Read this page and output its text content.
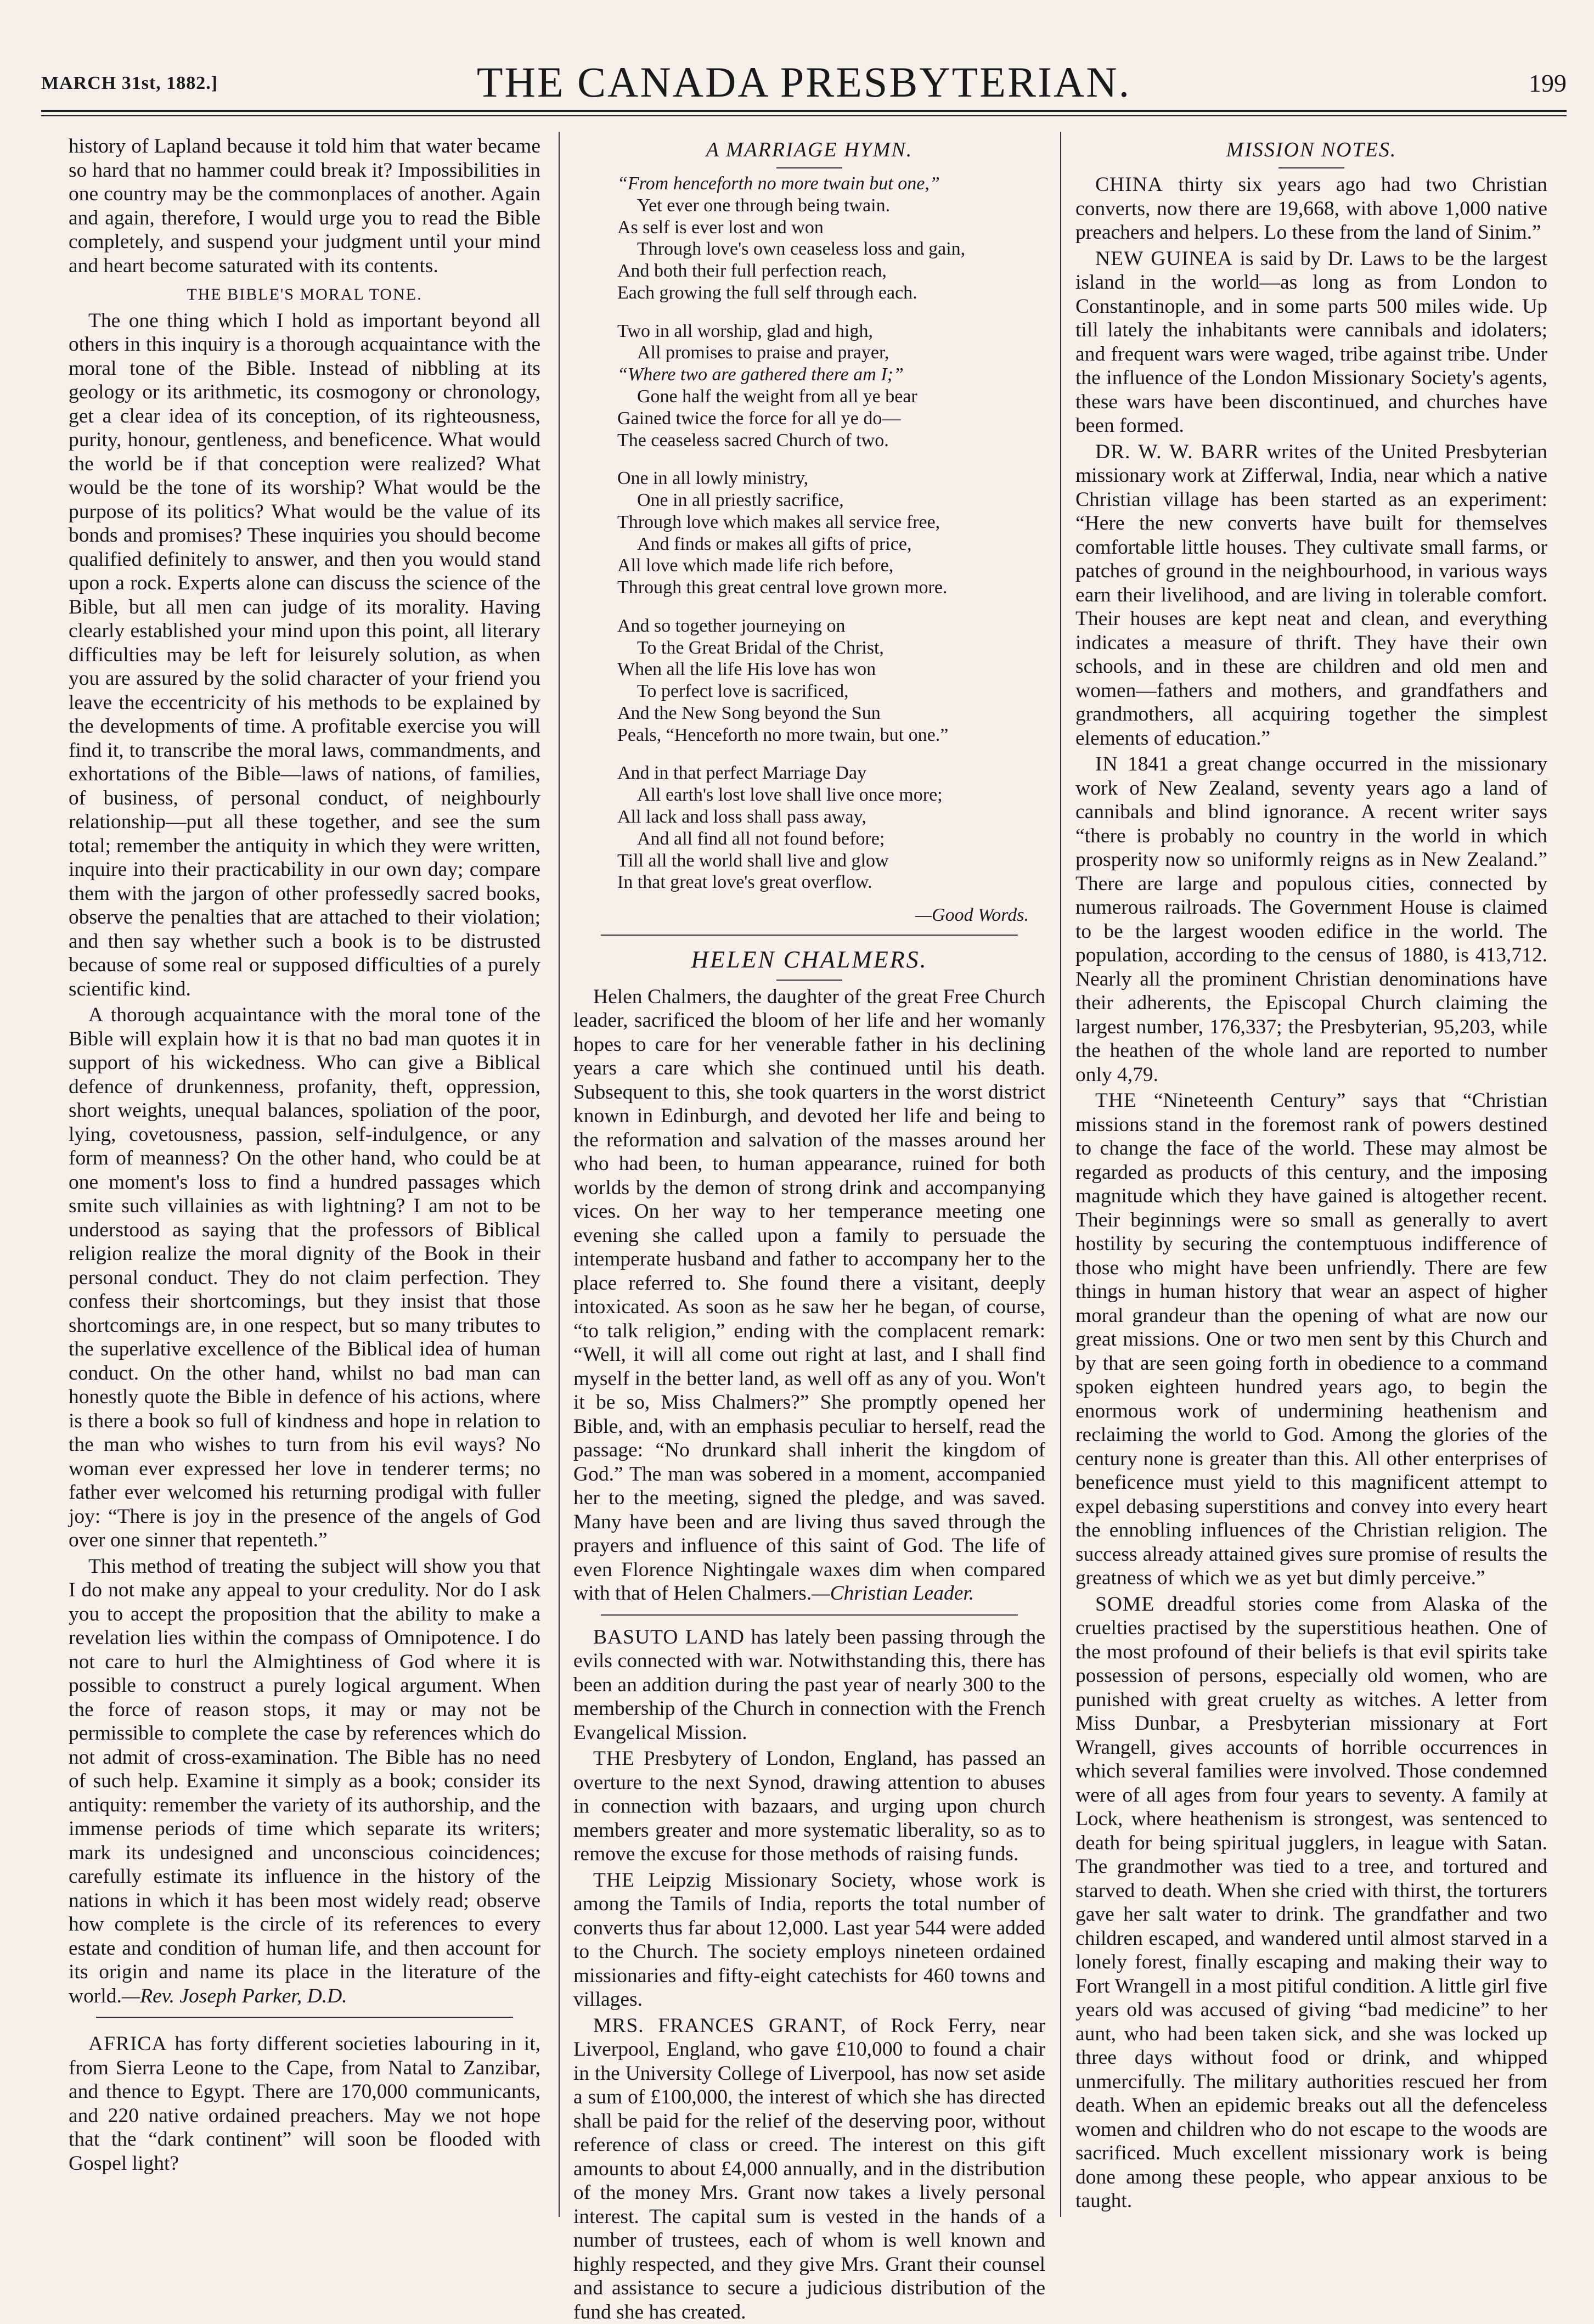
MARCH 31st, 1882.]	THE CANADA PRESBYTERIAN.	199

history of Lapland because it told him that water became so hard that no hammer could break it? Impossibilities in one country may be the commonplaces of another. Again and again, therefore, I would urge you to read the Bible completely, and suspend your judgment until your mind and heart become saturated with its contents.

THE BIBLE'S MORAL TONE.

The one thing which I hold as important beyond all others in this inquiry is a thorough acquaintance with the moral tone of the Bible. Instead of nibbling at its geology or its arithmetic, its cosmogony or chronology, get a clear idea of its conception, of its righteousness, purity, honour, gentleness, and beneficence. What would the world be if that conception were realized? What would be the tone of its worship? What would be the purpose of its politics? What would be the value of its bonds and promises? These inquiries you should become qualified definitely to answer, and then you would stand upon a rock. Experts alone can discuss the science of the Bible, but all men can judge of its morality. Having clearly established your mind upon this point, all literary difficulties may be left for leisurely solution, as when you are assured by the solid character of your friend you leave the eccentricity of his methods to be explained by the developments of time. A profitable exercise you will find it, to transcribe the moral laws, commandments, and exhortations of the Bible—laws of nations, of families, of business, of personal conduct, of neighbourly relationship—put all these together, and see the sum total; remember the antiquity in which they were written, inquire into their practicability in our own day; compare them with the jargon of other professedly sacred books, observe the penalties that are attached to their violation; and then say whether such a book is to be distrusted because of some real or supposed difficulties of a purely scientific kind.

A thorough acquaintance with the moral tone of the Bible will explain how it is that no bad man quotes it in support of his wickedness. Who can give a Biblical defence of drunkenness, profanity, theft, oppression, short weights, unequal balances, spoliation of the poor, lying, covetousness, passion, self-indulgence, or any form of meanness? On the other hand, who could be at one moment's loss to find a hundred passages which smite such villainies as with lightning? I am not to be understood as saying that the professors of Biblical religion realize the moral dignity of the Book in their personal conduct. They do not claim perfection. They confess their shortcomings, but they insist that those shortcomings are, in one respect, but so many tributes to the superlative excellence of the Biblical idea of human conduct. On the other hand, whilst no bad man can honestly quote the Bible in defence of his actions, where is there a book so full of kindness and hope in relation to the man who wishes to turn from his evil ways? No woman ever expressed her love in tenderer terms; no father ever welcomed his returning prodigal with fuller joy: “There is joy in the presence of the angels of God over one sinner that repenteth.”

This method of treating the subject will show you that I do not make any appeal to your credulity. Nor do I ask you to accept the proposition that the ability to make a revelation lies within the compass of Omnipotence. I do not care to hurl the Almightiness of God where it is possible to construct a purely logical argument. When the force of reason stops, it may or may not be permissible to complete the case by references which do not admit of cross-examination. The Bible has no need of such help. Examine it simply as a book; consider its antiquity: remember the variety of its authorship, and the immense periods of time which separate its writers; mark its undesigned and unconscious coincidences; carefully estimate its influence in the history of the nations in which it has been most widely read; observe how complete is the circle of its references to every estate and condition of human life, and then account for its origin and name its place in the literature of the world.—Rev. Joseph Parker, D.D.

AFRICA has forty different societies labouring in it, from Sierra Leone to the Cape, from Natal to Zanzibar, and thence to Egypt. There are 170,000 communicants, and 220 native ordained preachers. May we not hope that the “dark continent” will soon be flooded with Gospel light?

A MARRIAGE HYMN.
“From henceforth no more twain but one,”
Yet ever one through being twain.
As self is ever lost and won
Through love's own ceaseless loss and gain,
And both their full perfection reach,
Each growing the full self through each.
Two in all worship, glad and high,
All promises to praise and prayer,
“Where two are gathered there am I;”
Gone half the weight from all ye bear
Gained twice the force for all ye do—
The ceaseless sacred Church of two.
One in all lowly ministry,
One in all priestly sacrifice,
Through love which makes all service free,
And finds or makes all gifts of price,
All love which made life rich before,
Through this great central love grown more.
And so together journeying on
To the Great Bridal of the Christ,
When all the life His love has won
To perfect love is sacrificed,
And the New Song beyond the Sun
Peals, “Henceforth no more twain, but one.”
And in that perfect Marriage Day
All earth's lost love shall live once more;
All lack and loss shall pass away,
And all find all not found before;
Till all the world shall live and glow
In that great love's great overflow.
—Good Words.
HELEN CHALMERS.

Helen Chalmers, the daughter of the great Free Church leader, sacrificed the bloom of her life and her womanly hopes to care for her venerable father in his declining years a care which she continued until his death. Subsequent to this, she took quarters in the worst district known in Edinburgh, and devoted her life and being to the reformation and salvation of the masses around her who had been, to human appearance, ruined for both worlds by the demon of strong drink and accompanying vices. On her way to her temperance meeting one evening she called upon a family to persuade the intemperate husband and father to accompany her to the place referred to. She found there a visitant, deeply intoxicated. As soon as he saw her he began, of course, “to talk religion,” ending with the complacent remark: “Well, it will all come out right at last, and I shall find myself in the better land, as well off as any of you. Won't it be so, Miss Chalmers?” She promptly opened her Bible, and, with an emphasis peculiar to herself, read the passage: “No drunkard shall inherit the kingdom of God.” The man was sobered in a moment, accompanied her to the meeting, signed the pledge, and was saved. Many have been and are living thus saved through the prayers and influence of this saint of God. The life of even Florence Nightingale waxes dim when compared with that of Helen Chalmers.—Christian Leader.

BASUTO LAND has lately been passing through the evils connected with war. Notwithstanding this, there has been an addition during the past year of nearly 300 to the membership of the Church in connection with the French Evangelical Mission.

THE Presbytery of London, England, has passed an overture to the next Synod, drawing attention to abuses in connection with bazaars, and urging upon church members greater and more systematic liberality, so as to remove the excuse for those methods of raising funds.

THE Leipzig Missionary Society, whose work is among the Tamils of India, reports the total number of converts thus far about 12,000. Last year 544 were added to the Church. The society employs nineteen ordained missionaries and fifty-eight catechists for 460 towns and villages.

MRS. FRANCES GRANT, of Rock Ferry, near Liverpool, England, who gave £10,000 to found a chair in the University College of Liverpool, has now set aside a sum of £100,000, the interest of which she has directed shall be paid for the relief of the deserving poor, without reference of class or creed. The interest on this gift amounts to about £4,000 annually, and in the distribution of the money Mrs. Grant now takes a lively personal interest. The capital sum is vested in the hands of a number of trustees, each of whom is well known and highly respected, and they give Mrs. Grant their counsel and assistance to secure a judicious distribution of the fund she has created.

MISSION NOTES.

CHINA thirty six years ago had two Christian converts, now there are 19,668, with above 1,000 native preachers and helpers. Lo these from the land of Sinim.”

NEW GUINEA is said by Dr. Laws to be the largest island in the world—as long as from London to Constantinople, and in some parts 500 miles wide. Up till lately the inhabitants were cannibals and idolaters; and frequent wars were waged, tribe against tribe. Under the influence of the London Missionary Society's agents, these wars have been discontinued, and churches have been formed.

DR. W. W. BARR writes of the United Presbyterian missionary work at Zifferwal, India, near which a native Christian village has been started as an experiment: “Here the new converts have built for themselves comfortable little houses. They cultivate small farms, or patches of ground in the neighbourhood, in various ways earn their livelihood, and are living in tolerable comfort. Their houses are kept neat and clean, and everything indicates a measure of thrift. They have their own schools, and in these are children and old men and women—fathers and mothers, and grandfathers and grandmothers, all acquiring together the simplest elements of education.”

IN 1841 a great change occurred in the missionary work of New Zealand, seventy years ago a land of cannibals and blind ignorance. A recent writer says “there is probably no country in the world in which prosperity now so uniformly reigns as in New Zealand.” There are large and populous cities, connected by numerous railroads. The Government House is claimed to be the largest wooden edifice in the world. The population, according to the census of 1880, is 413,712. Nearly all the prominent Christian denominations have their adherents, the Episcopal Church claiming the largest number, 176,337; the Presbyterian, 95,203, while the heathen of the whole land are reported to number only 4,79.

THE “Nineteenth Century” says that “Christian missions stand in the foremost rank of powers destined to change the face of the world. These may almost be regarded as products of this century, and the imposing magnitude which they have gained is altogether recent. Their beginnings were so small as generally to avert hostility by securing the contemptuous indifference of those who might have been unfriendly. There are few things in human history that wear an aspect of higher moral grandeur than the opening of what are now our great missions. One or two men sent by this Church and by that are seen going forth in obedience to a command spoken eighteen hundred years ago, to begin the enormous work of undermining heathenism and reclaiming the world to God. Among the glories of the century none is greater than this. All other enterprises of beneficence must yield to this magnificent attempt to expel debasing superstitions and convey into every heart the ennobling influences of the Christian religion. The success already attained gives sure promise of results the greatness of which we as yet but dimly perceive.”

SOME dreadful stories come from Alaska of the cruelties practised by the superstitious heathen. One of the most profound of their beliefs is that evil spirits take possession of persons, especially old women, who are punished with great cruelty as witches. A letter from Miss Dunbar, a Presbyterian missionary at Fort Wrangell, gives accounts of horrible occurrences in which several families were involved. Those condemned were of all ages from four years to seventy. A family at Lock, where heathenism is strongest, was sentenced to death for being spiritual jugglers, in league with Satan. The grandmother was tied to a tree, and tortured and starved to death. When she cried with thirst, the torturers gave her salt water to drink. The grandfather and two children escaped, and wandered until almost starved in a lonely forest, finally escaping and making their way to Fort Wrangell in a most pitiful condition. A little girl five years old was accused of giving “bad medicine” to her aunt, who had been taken sick, and she was locked up three days without food or drink, and whipped unmercifully. The military authorities rescued her from death. When an epidemic breaks out all the defenceless women and children who do not escape to the woods are sacrificed. Much excellent missionary work is being done among these people, who appear anxious to be taught.
